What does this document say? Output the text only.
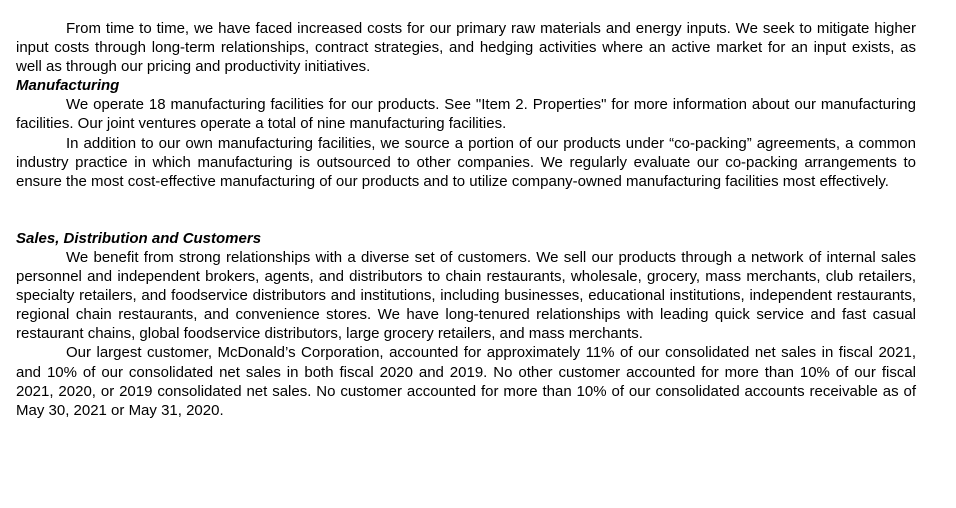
From time to time, we have faced increased costs for our primary raw materials and energy inputs. We seek to mitigate higher input costs through long-term relationships, contract strategies, and hedging activities where an active market for an input exists, as well as through our pricing and productivity initiatives.

Manufacturing

We operate 18 manufacturing facilities for our products. See "Item 2. Properties" for more information about our manufacturing facilities. Our joint ventures operate a total of nine manufacturing facilities.

In addition to our own manufacturing facilities, we source a portion of our products under “co-packing” agreements, a common industry practice in which manufacturing is outsourced to other companies. We regularly evaluate our co-packing arrangements to ensure the most cost-effective manufacturing of our products and to utilize company-owned manufacturing facilities most effectively.

Sales, Distribution and Customers

We benefit from strong relationships with a diverse set of customers. We sell our products through a network of internal sales personnel and independent brokers, agents, and distributors to chain restaurants, wholesale, grocery, mass merchants, club retailers, specialty retailers, and foodservice distributors and institutions, including businesses, educational institutions, independent restaurants, regional chain restaurants, and convenience stores. We have long-tenured relationships with leading quick service and fast casual restaurant chains, global foodservice distributors, large grocery retailers, and mass merchants.

Our largest customer, McDonald’s Corporation, accounted for approximately 11% of our consolidated net sales in fiscal 2021, and 10% of our consolidated net sales in both fiscal 2020 and 2019. No other customer accounted for more than 10% of our fiscal 2021, 2020, or 2019 consolidated net sales. No customer accounted for more than 10% of our consolidated accounts receivable as of May 30, 2021 or May 31, 2020.
